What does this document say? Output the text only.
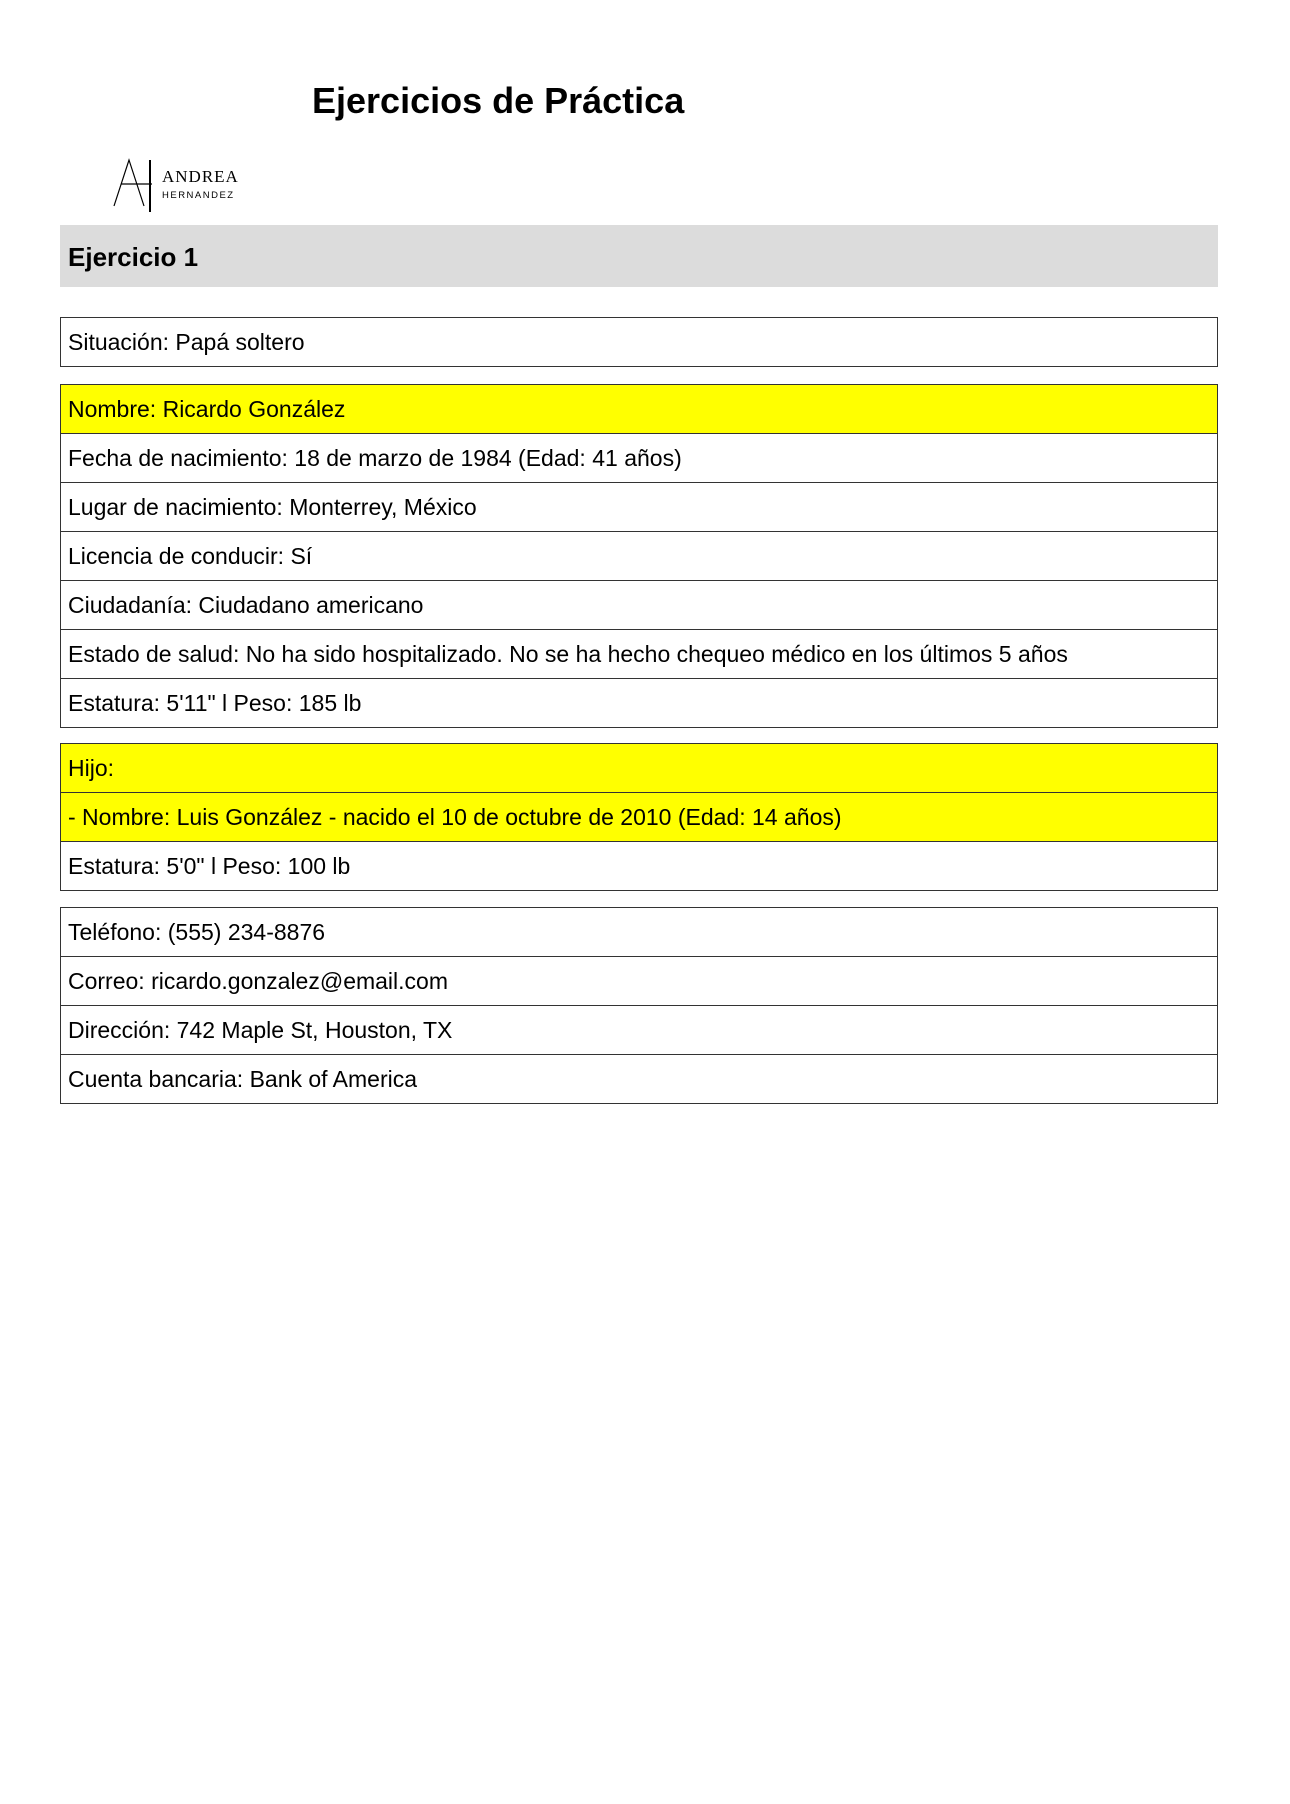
Ejercicios de Práctica
ANDREA
HERNANDEZ
Ejercicio 1
Situación: Papá soltero
Nombre: Ricardo González
Fecha de nacimiento: 18 de marzo de 1984 (Edad: 41 años)
Lugar de nacimiento: Monterrey, México
Licencia de conducir: Sí
Ciudadanía: Ciudadano americano
Estado de salud: No ha sido hospitalizado. No se ha hecho chequeo médico en los últimos 5 años
Estatura: 5'11" l Peso: 185 lb
Hijo:
- Nombre: Luis González - nacido el 10 de octubre de 2010 (Edad: 14 años)
Estatura: 5'0" l Peso: 100 lb
Teléfono: (555) 234-8876
Correo: ricardo.gonzalez@email.com
Dirección: 742 Maple St, Houston, TX
Cuenta bancaria: Bank of America
